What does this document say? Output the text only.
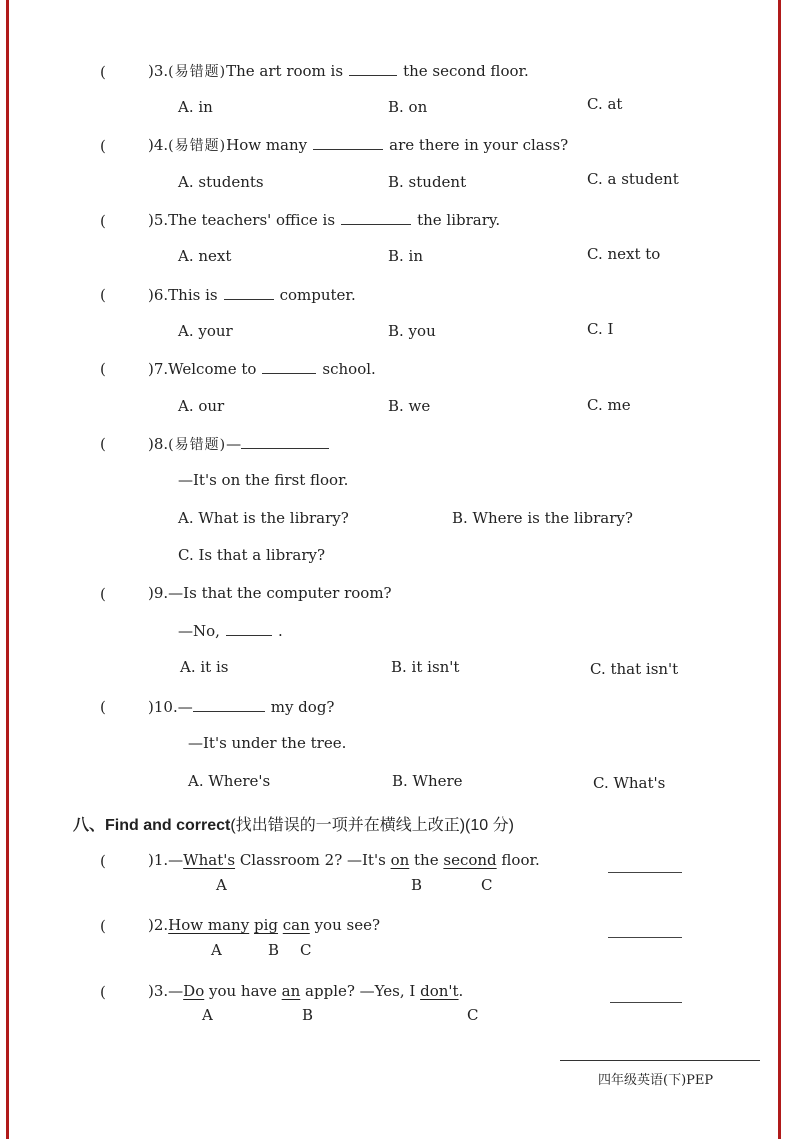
(	)3.(易错题)The art room is	the second floor.
A. in	B. on	C. at
(	)4.(易错题)How many	are there in your class?
A. students	B. student	C. a student
(	)5.The teachers' office is	the library.
A. next	B. in	C. next to
(	)6.This is	computer.
A. your	B. you	C. I
(	)7.Welcome to	school.
A. our	B. we	C. me
(	)8.(易错题)—
—It's on the first floor.
A. What is the library?	B. Where is the library?
C. Is that a library?
(	)9.—Is that the computer room?
—No,	.
A. it is	B. it isn't	C. that isn't
(	)10.—	my dog?
—It's under the tree.
A. Where's	B. Where	C. What's
八、Find and correct(找出错误的一项并在横线上改正)(10 分)
(	)1.—What's Classroom 2? —It's on the second floor.
A	B	C
(	)2.How many pig can you see?
A	B C
(	)3.—Do you have an apple? —Yes, I don't.
A	B	C
四年级英语(下)PEP
